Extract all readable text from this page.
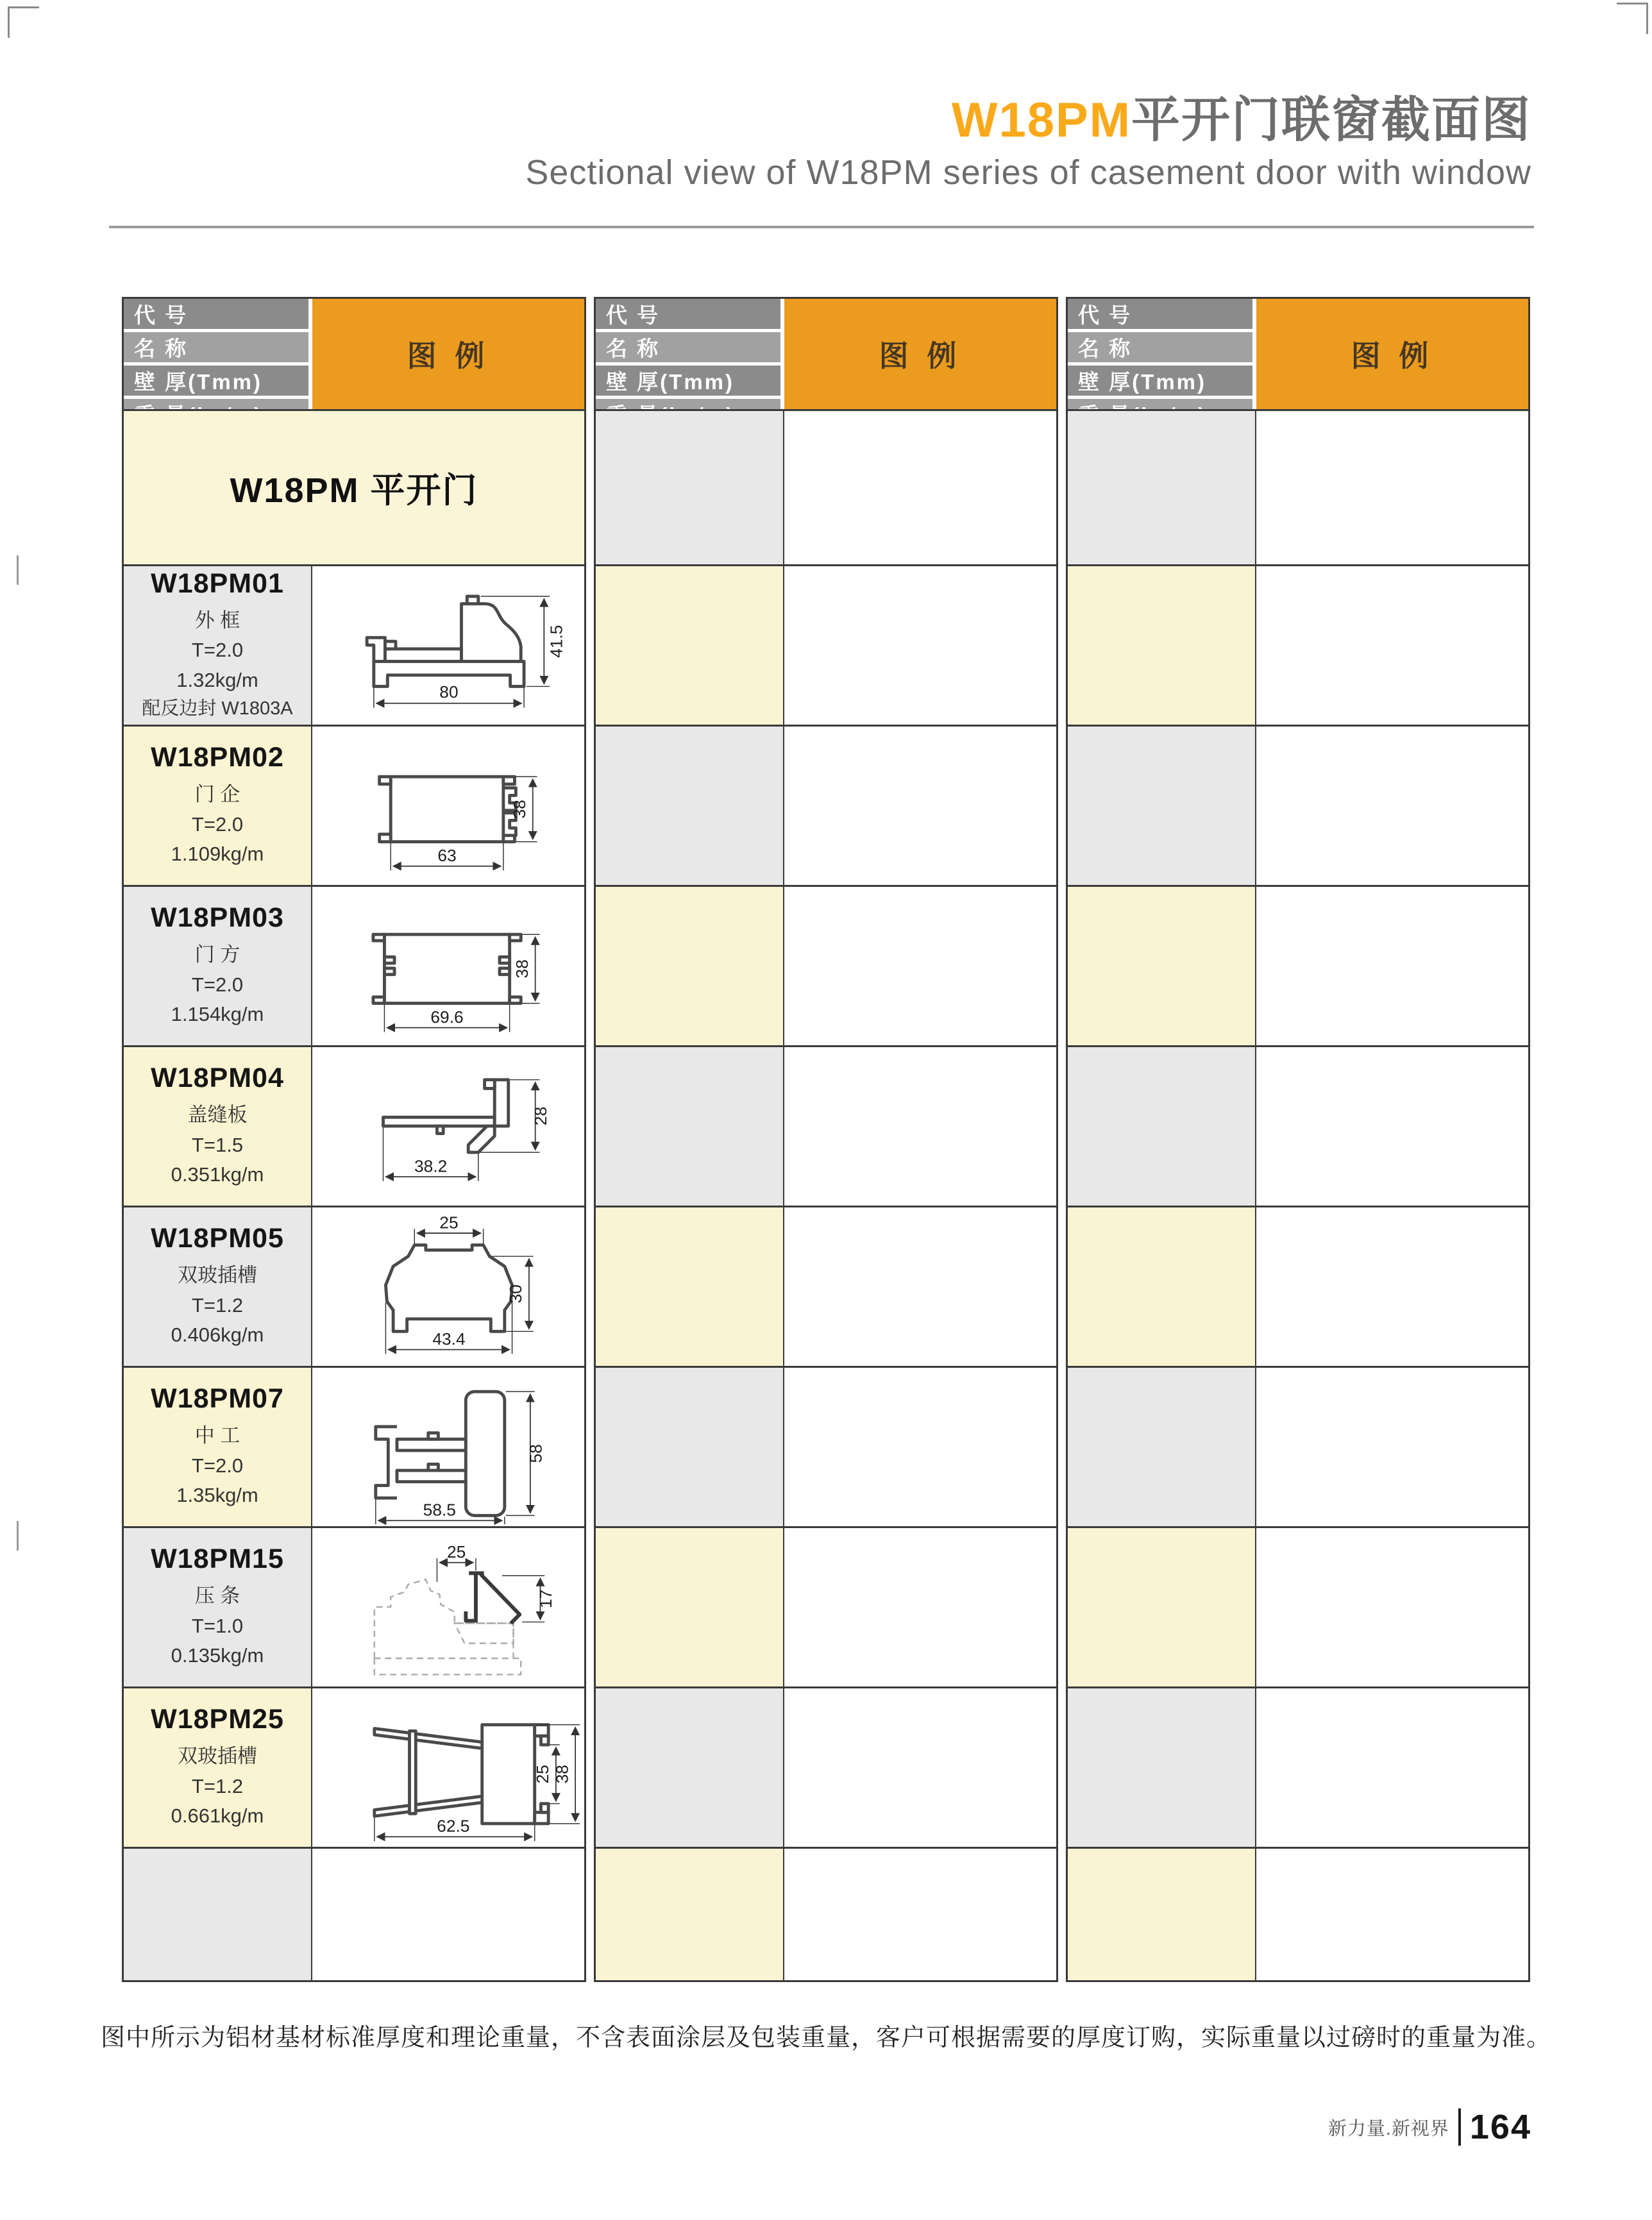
W18PM平开门联窗截面图
Sectional view of W18PM series of casement door with window
代 号
名 称
壁 厚(Tmm)
图 例
W18PM 平开门
W18PM01
外 框
T=2.0
1.32kg/m
配反边封 W1803A
80
41.5
W18PM02
门 企
T=2.0
1.109kg/m	63
38
W18PM03
门 方
T=2.0
1.154kg/m	69.6
38
W18PM04
盖缝板
T=1.5
0.351kg/m	38.2
28
W18PM05
双玻插槽
T=1.2
0.406kg/m
25
30
43.4
W18PM07
中 工
T=2.0
1.35kg/m
58.5
58
W18PM15
压 条
T=1.0
0.135kg/m
25
17
W18PM25
双玻插槽
T=1.2
0.661kg/m	62.5
25 38
代 号
名 称
壁 厚(Tmm)
图 例
代 号
名 称
壁 厚(Tmm)
图 例
图中所示为铝材基材标准厚度和理论重量，不含表面涂层及包装重量，客户可根据需要的厚度订购，实际重量以过磅时的重量为准。
新力量.新视界 164
